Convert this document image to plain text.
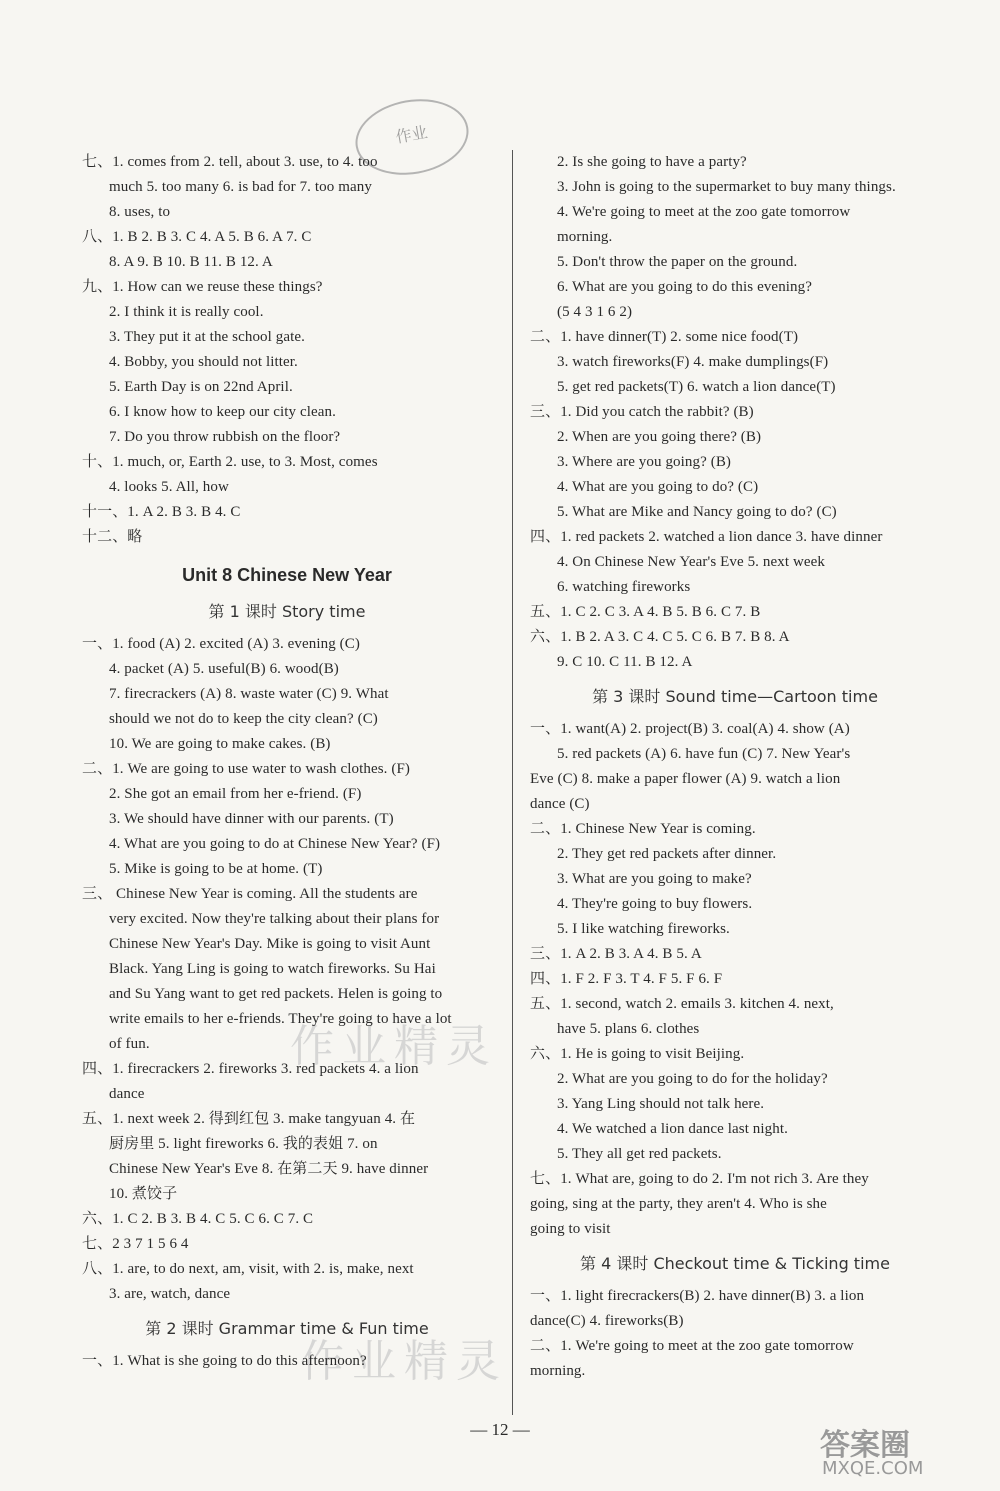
作业
作业精灵
作业精灵
七、1. comes from 2. tell, about 3. use, to 4. too
much 5. too many 6. is bad for 7. too many
8. uses, to
八、1. B 2. B 3. C 4. A 5. B 6. A 7. C
8. A 9. B 10. B 11. B 12. A
九、1. How can we reuse these things?
2. I think it is really cool.
3. They put it at the school gate.
4. Bobby, you should not litter.
5. Earth Day is on 22nd April.
6. I know how to keep our city clean.
7. Do you throw rubbish on the floor?
十、1. much, or, Earth 2. use, to 3. Most, comes
4. looks 5. All, how
十一、1. A 2. B 3. B 4. C
十二、略
Unit 8 Chinese New Year
第 1 课时 Story time
一、1. food (A) 2. excited (A) 3. evening (C)
4. packet (A) 5. useful(B) 6. wood(B)
7. firecrackers (A) 8. waste water (C) 9. What
should we not do to keep the city clean? (C)
10. We are going to make cakes. (B)
二、1. We are going to use water to wash clothes. (F)
2. She got an email from her e-friend. (F)
3. We should have dinner with our parents. (T)
4. What are you going to do at Chinese New Year? (F)
5. Mike is going to be at home. (T)
三、 Chinese New Year is coming. All the students are
very excited. Now they're talking about their plans for
Chinese New Year's Day. Mike is going to visit Aunt
Black. Yang Ling is going to watch fireworks. Su Hai
and Su Yang want to get red packets. Helen is going to
write emails to her e-friends. They're going to have a lot
of fun.
四、1. firecrackers 2. fireworks 3. red packets 4. a lion
dance
五、1. next week 2. 得到红包 3. make tangyuan 4. 在
厨房里 5. light fireworks 6. 我的表姐 7. on
Chinese New Year's Eve 8. 在第二天 9. have dinner
10. 煮饺子
六、1. C 2. B 3. B 4. C 5. C 6. C 7. C
七、2 3 7 1 5 6 4
八、1. are, to do next, am, visit, with 2. is, make, next
3. are, watch, dance
第 2 课时 Grammar time & Fun time
一、1. What is she going to do this afternoon?
2. Is she going to have a party?
3. John is going to the supermarket to buy many things.
4. We're going to meet at the zoo gate tomorrow
morning.
5. Don't throw the paper on the ground.
6. What are you going to do this evening?
(5 4 3 1 6 2)
二、1. have dinner(T) 2. some nice food(T)
3. watch fireworks(F) 4. make dumplings(F)
5. get red packets(T) 6. watch a lion dance(T)
三、1. Did you catch the rabbit? (B)
2. When are you going there? (B)
3. Where are you going? (B)
4. What are you going to do? (C)
5. What are Mike and Nancy going to do? (C)
四、1. red packets 2. watched a lion dance 3. have dinner
4. On Chinese New Year's Eve 5. next week
6. watching fireworks
五、1. C 2. C 3. A 4. B 5. B 6. C 7. B
六、1. B 2. A 3. C 4. C 5. C 6. B 7. B 8. A
9. C 10. C 11. B 12. A
第 3 课时 Sound time—Cartoon time
一、1. want(A) 2. project(B) 3. coal(A) 4. show (A)
5. red packets (A) 6. have fun (C) 7. New Year's
Eve (C) 8. make a paper flower (A) 9. watch a lion
dance (C)
二、1. Chinese New Year is coming.
2. They get red packets after dinner.
3. What are you going to make?
4. They're going to buy flowers.
5. I like watching fireworks.
三、1. A 2. B 3. A 4. B 5. A
四、1. F 2. F 3. T 4. F 5. F 6. F
五、1. second, watch 2. emails 3. kitchen 4. next,
have 5. plans 6. clothes
六、1. He is going to visit Beijing.
2. What are you going to do for the holiday?
3. Yang Ling should not talk here.
4. We watched a lion dance last night.
5. They all get red packets.
七、1. What are, going to do 2. I'm not rich 3. Are they
going, sing at the party, they aren't 4. Who is she
going to visit
第 4 课时 Checkout time & Ticking time
一、1. light firecrackers(B) 2. have dinner(B) 3. a lion
dance(C) 4. fireworks(B)
二、1. We're going to meet at the zoo gate tomorrow
morning.
— 12 —	答案圈
MXQE.COM
